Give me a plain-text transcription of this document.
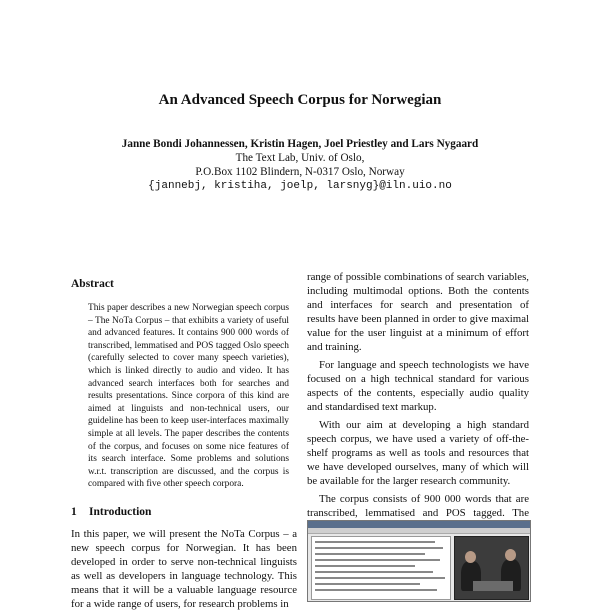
An Advanced Speech Corpus for Norwegian
Janne Bondi Johannessen, Kristin Hagen, Joel Priestley and Lars Nygaard
The Text Lab, Univ. of Oslo,
P.O.Box 1102 Blindern, N-0317 Oslo, Norway
{jannebj, kristiha, joelp, larsnyg}@iln.uio.no
Abstract

This paper describes a new Norwegian speech corpus – The NoTa Corpus – that exhibits a variety of useful and advanced features. It contains 900 000 words of transcribed, lemmatised and POS tagged Oslo speech (carefully selected to cover many speech varieties), which is linked directly to audio and video. It has advanced search interfaces both for searches and results presentations. Since corpora of this kind are aimed at linguists and non-technical users, our guideline has been to keep user-interfaces maximally simple at all levels. The paper describes the contents of the corpus, and focuses on some nice features of its search interface. Some problems and solutions w.r.t. transcription are discussed, and the corpus is compared with five other speech corpora.

1 Introduction

In this paper, we will present the NoTa Corpus – a new speech corpus for Norwegian. It has been developed in order to serve non-technical linguists as well as developers in language technology. This means that it will be a valuable language resource for a wide range of users, for research problems in

range of possible combinations of search variables, including multimodal options. Both the contents and interfaces for search and presentation of results have been planned in order to give maximal value for the user linguist at a minimum of effort and training.

For language and speech technologists we have focused on a high technical standard for various aspects of the contents, especially audio quality and standardised text markup.

With our aim at developing a high standard speech corpus, we have used a variety of off-the-shelf programs as well as tools and resources that we have developed ourselves, many of which will be available for the larger research community.

The corpus consists of 900 000 words that are transcribed, lemmatised and POS tagged. The
